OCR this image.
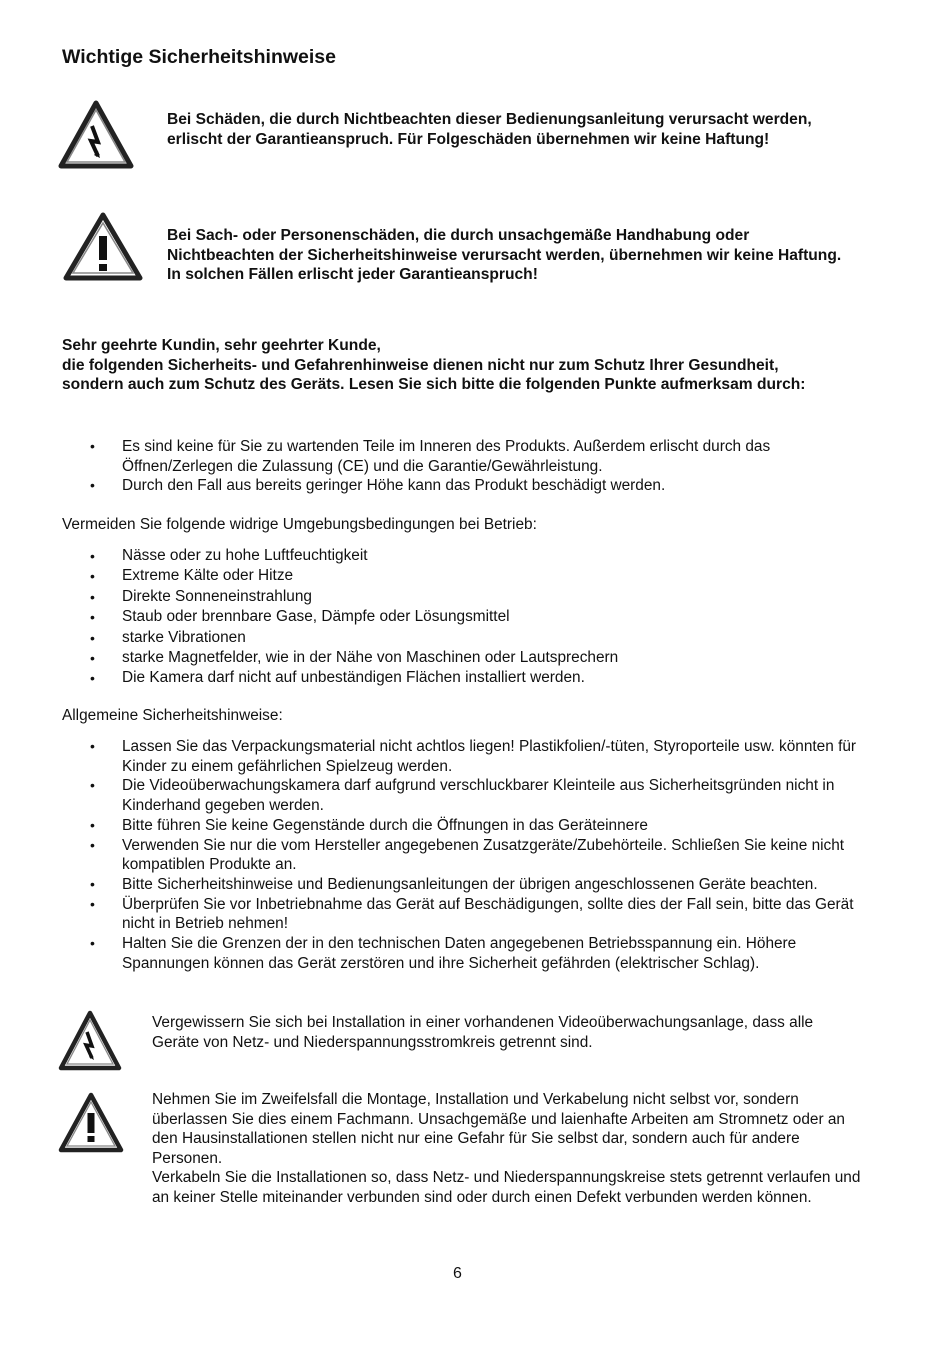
Wichtige Sicherheitshinweise
Bei Schäden, die durch Nichtbeachten dieser Bedienungsanleitung verursacht werden, erlischt der Garantieanspruch. Für Folgeschäden übernehmen wir keine Haftung!
Bei Sach- oder Personenschäden, die durch unsachgemäße Handhabung oder Nichtbeachten der Sicherheitshinweise verursacht werden, übernehmen wir keine Haftung. In solchen Fällen erlischt jeder Garantieanspruch!
Sehr geehrte Kundin, sehr geehrter Kunde,
die folgenden Sicherheits- und Gefahrenhinweise dienen nicht nur zum Schutz Ihrer Gesundheit, sondern auch zum Schutz des Geräts. Lesen Sie sich bitte die folgenden Punkte aufmerksam durch:
• Es sind keine für Sie zu wartenden Teile im Inneren des Produkts. Außerdem erlischt durch das Öffnen/Zerlegen die Zulassung (CE) und die Garantie/Gewährleistung.
• Durch den Fall aus bereits geringer Höhe kann das Produkt beschädigt werden.
Vermeiden Sie folgende widrige Umgebungsbedingungen bei Betrieb:
• Nässe oder zu hohe Luftfeuchtigkeit
• Extreme Kälte oder Hitze
• Direkte Sonneneinstrahlung
• Staub oder brennbare Gase, Dämpfe oder Lösungsmittel
• starke Vibrationen
• starke Magnetfelder, wie in der Nähe von Maschinen oder Lautsprechern
• Die Kamera darf nicht auf unbeständigen Flächen installiert werden.
Allgemeine Sicherheitshinweise:
• Lassen Sie das Verpackungsmaterial nicht achtlos liegen! Plastikfolien/-tüten, Styroporteile usw. könnten für Kinder zu einem gefährlichen Spielzeug werden.
• Die Videoüberwachungskamera darf aufgrund verschluckbarer Kleinteile aus Sicherheitsgründen nicht in Kinderhand gegeben werden.
• Bitte führen Sie keine Gegenstände durch die Öffnungen in das Geräteinnere
• Verwenden Sie nur die vom Hersteller angegebenen Zusatzgeräte/Zubehörteile. Schließen Sie keine nicht kompatiblen Produkte an.
• Bitte Sicherheitshinweise und Bedienungsanleitungen der übrigen angeschlossenen Geräte beachten.
• Überprüfen Sie vor Inbetriebnahme das Gerät auf Beschädigungen, sollte dies der Fall sein, bitte das Gerät nicht in Betrieb nehmen!
• Halten Sie die Grenzen der in den technischen Daten angegebenen Betriebsspannung ein. Höhere Spannungen können das Gerät zerstören und ihre Sicherheit gefährden (elektrischer Schlag).
Vergewissern Sie sich bei Installation in einer vorhandenen Videoüberwachungsanlage, dass alle Geräte von Netz- und Niederspannungsstromkreis getrennt sind.
Nehmen Sie im Zweifelsfall die Montage, Installation und Verkabelung nicht selbst vor, sondern überlassen Sie dies einem Fachmann. Unsachgemäße und laienhafte Arbeiten am Stromnetz oder an den Hausinstallationen stellen nicht nur eine Gefahr für Sie selbst dar, sondern auch für andere Personen.
Verkabeln Sie die Installationen so, dass Netz- und Niederspannungskreise stets getrennt verlaufen und an keiner Stelle miteinander verbunden sind oder durch einen Defekt verbunden werden können.
6
